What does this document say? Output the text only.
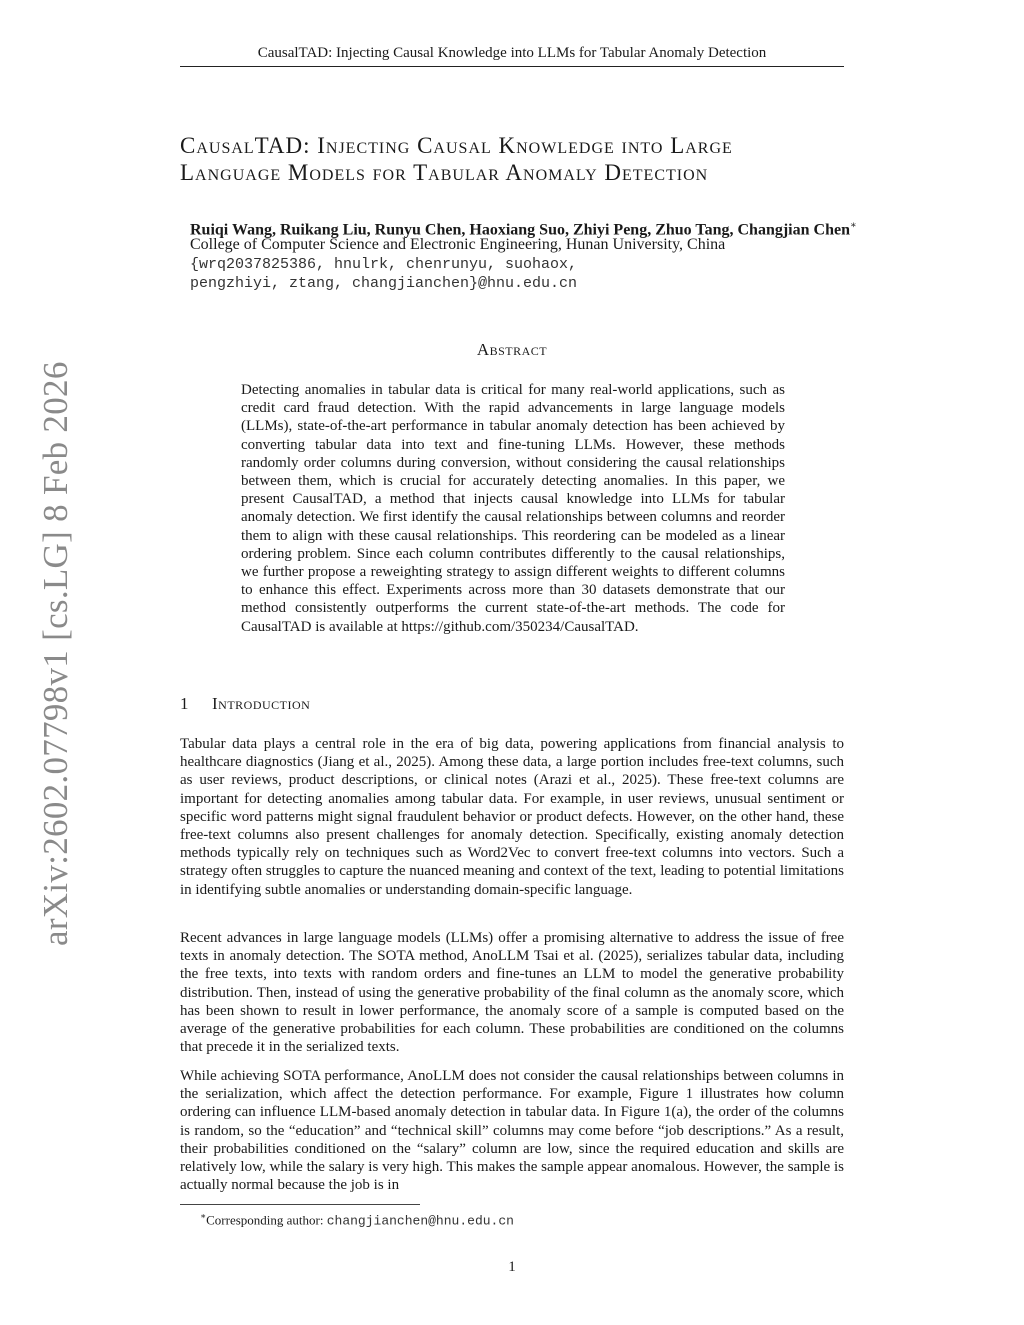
CausalTAD: Injecting Causal Knowledge into LLMs for Tabular Anomaly Detection
arXiv:2602.07798v1 [cs.LG] 8 Feb 2026
CausalTAD: Injecting Causal Knowledge into Large
Language Models for Tabular Anomaly Detection
Ruiqi Wang, Ruikang Liu, Runyu Chen, Haoxiang Suo, Zhiyi Peng, Zhuo Tang, Changjian Chen∗
College of Computer Science and Electronic Engineering, Hunan University, China
{wrq2037825386, hnulrk, chenrunyu, suohaox,
pengzhiyi, ztang, changjianchen}@hnu.edu.cn
Abstract
Detecting anomalies in tabular data is critical for many real-world applications, such as credit card fraud detection. With the rapid advancements in large language models (LLMs), state-of-the-art performance in tabular anomaly detection has been achieved by converting tabular data into text and fine-tuning LLMs. However, these methods randomly order columns during conversion, without considering the causal relationships between them, which is crucial for accurately detecting anomalies. In this paper, we present CausalTAD, a method that injects causal knowledge into LLMs for tabular anomaly detection. We first identify the causal relationships between columns and reorder them to align with these causal relationships. This reordering can be modeled as a linear ordering problem. Since each column contributes differently to the causal relationships, we further propose a reweighting strategy to assign different weights to different columns to enhance this effect. Experiments across more than 30 datasets demonstrate that our method consistently outperforms the current state-of-the-art methods. The code for CausalTAD is available at https://github.com/350234/CausalTAD.
1 Introduction

Tabular data plays a central role in the era of big data, powering applications from financial analysis to healthcare diagnostics (Jiang et al., 2025). Among these data, a large portion includes free-text columns, such as user reviews, product descriptions, or clinical notes (Arazi et al., 2025). These free-text columns are important for detecting anomalies among tabular data. For example, in user reviews, unusual sentiment or specific word patterns might signal fraudulent behavior or product defects. However, on the other hand, these free-text columns also present challenges for anomaly detection. Specifically, existing anomaly detection methods typically rely on techniques such as Word2Vec to convert free-text columns into vectors. Such a strategy often struggles to capture the nuanced meaning and context of the text, leading to potential limitations in identifying subtle anomalies or understanding domain-specific language.

Recent advances in large language models (LLMs) offer a promising alternative to address the issue of free texts in anomaly detection. The SOTA method, AnoLLM Tsai et al. (2025), serializes tabular data, including the free texts, into texts with random orders and fine-tunes an LLM to model the generative probability distribution. Then, instead of using the generative probability of the final column as the anomaly score, which has been shown to result in lower performance, the anomaly score of a sample is computed based on the average of the generative probabilities for each column. These probabilities are conditioned on the columns that precede it in the serialized texts.

While achieving SOTA performance, AnoLLM does not consider the causal relationships between columns in the serialization, which affect the detection performance. For example, Figure 1 illustrates how column ordering can influence LLM-based anomaly detection in tabular data. In Figure 1(a), the order of the columns is random, so the “education” and “technical skill” columns may come before “job descriptions.” As a result, their probabilities conditioned on the “salary” column are low, since the required education and skills are relatively low, while the salary is very high. This makes the sample appear anomalous. However, the sample is actually normal because the job is in

∗Corresponding author: changjianchen@hnu.edu.cn
1
